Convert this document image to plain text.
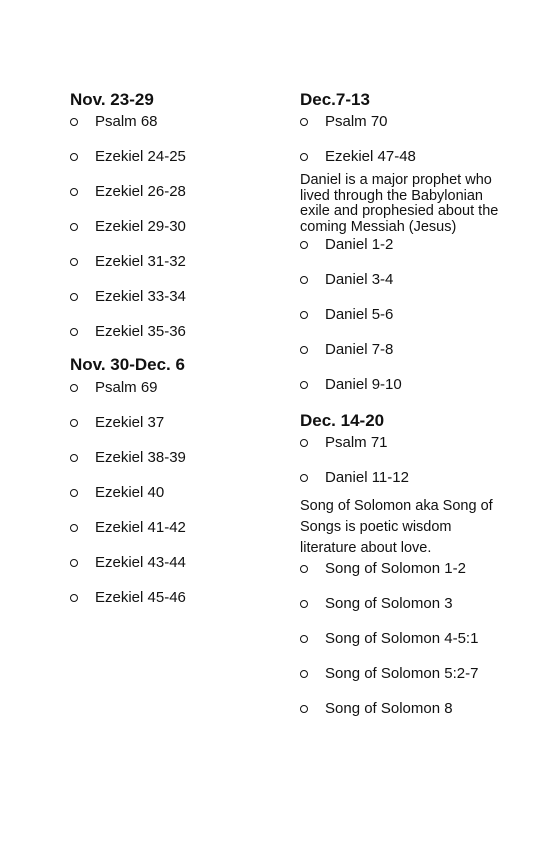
Nov. 23-29
Psalm 68
Ezekiel 24-25
Ezekiel 26-28
Ezekiel 29-30
Ezekiel 31-32
Ezekiel 33-34
Ezekiel 35-36
Nov. 30-Dec. 6
Psalm 69
Ezekiel 37
Ezekiel 38-39
Ezekiel 40
Ezekiel 41-42
Ezekiel 43-44
Ezekiel 45-46
Dec.7-13
Psalm 70
Ezekiel 47-48

Daniel is a major prophet who lived through the Babylonian exile and prophesied about the coming Messiah (Jesus)

Daniel 1-2
Daniel 3-4
Daniel 5-6
Daniel 7-8
Daniel 9-10
Dec. 14-20
Psalm 71
Daniel 11-12

Song of Solomon aka Song of Songs is poetic wisdom literature about love.

Song of Solomon 1-2
Song of Solomon 3
Song of Solomon 4-5:1
Song of Solomon 5:2-7
Song of Solomon 8
